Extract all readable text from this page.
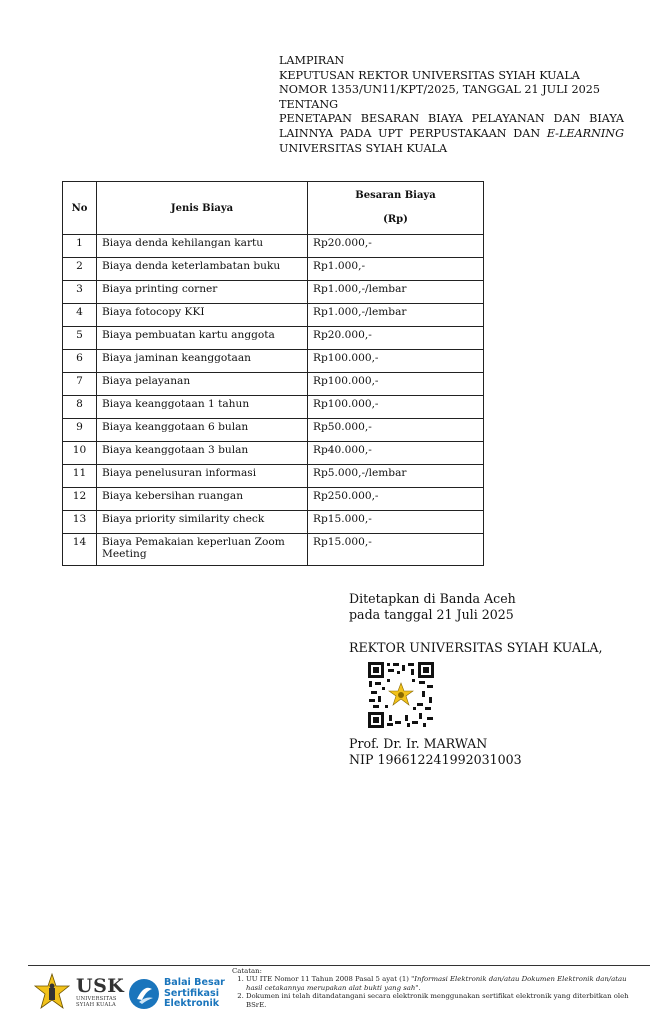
LAMPIRAN
KEPUTUSAN REKTOR UNIVERSITAS SYIAH KUALA
NOMOR 1353/UN11/KPT/2025, TANGGAL 21 JULI 2025
TENTANG
PENETAPAN BESARAN BIAYA PELAYANAN DAN BIAYA
LAINNYA PADA UPT PERPUSTAKAAN DAN E-LEARNING
UNIVERSITAS SYIAH KUALA
No	Jenis Biaya	Besaran Biaya
(Rp)

1	Biaya denda kehilangan kartu	Rp20.000,-
2	Biaya denda keterlambatan buku	Rp1.000,-
3	Biaya printing corner	Rp1.000,-/lembar
4	Biaya fotocopy KKI	Rp1.000,-/lembar
5	Biaya pembuatan kartu anggota	Rp20.000,-
6	Biaya jaminan keanggotaan	Rp100.000,-
7	Biaya pelayanan	Rp100.000,-
8	Biaya keanggotaan 1 tahun	Rp100.000,-
9	Biaya keanggotaan 6 bulan	Rp50.000,-
10	Biaya keanggotaan 3 bulan	Rp40.000,-
11	Biaya penelusuran informasi	Rp5.000,-/lembar
12	Biaya kebersihan ruangan	Rp250.000,-
13	Biaya priority similarity check	Rp15.000,-
14	Biaya Pemakaian keperluan Zoom Meeting	Rp15.000,-
Ditetapkan di Banda Aceh
pada tanggal 21 Juli 2025
REKTOR UNIVERSITAS SYIAH KUALA,
Prof. Dr. Ir. MARWAN
NIP 196612241992031003
USK
UNIVERSITAS
SYIAH KUALA
Balai Besar
Sertifikasi
Elektronik
Catatan:
1. UU ITE Nomor 11 Tahun 2008 Pasal 5 ayat (1) "Informasi Elektronik dan/atau Dokumen Elektronik dan/atau hasil cetakannya merupakan alat bukti yang sah".
2. Dokumen ini telah ditandatangani secara elektronik menggunakan sertifikat elektronik yang diterbitkan oleh BSrE.
